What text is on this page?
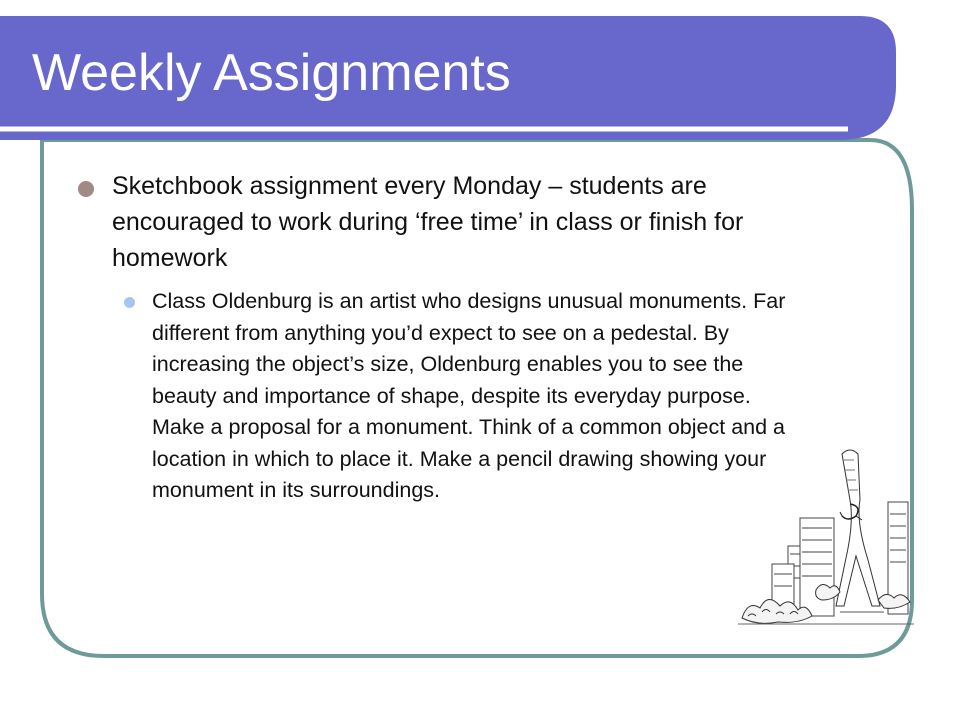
Weekly Assignments
Sketchbook assignment every Monday – students are encouraged to work during ‘free time’ in class or finish for homework
Class Oldenburg is an artist who designs unusual monuments. Far different from anything you’d expect to see on a pedestal. By increasing the object’s size, Oldenburg enables you to see the beauty and importance of shape, despite its everyday purpose. Make a proposal for a monument. Think of a common object and a location in which to place it. Make a pencil drawing showing your monument in its surroundings.
